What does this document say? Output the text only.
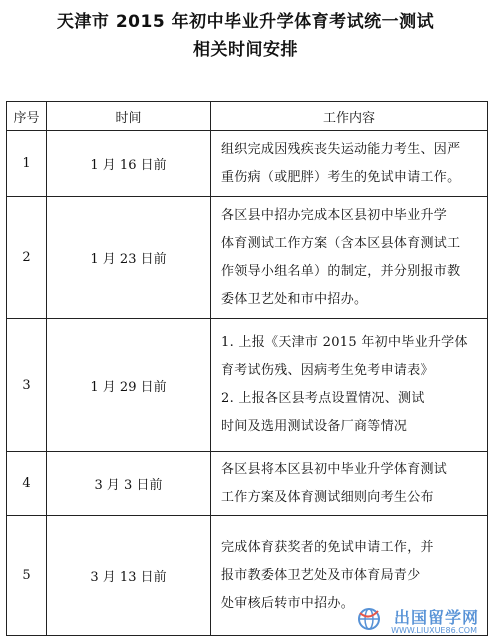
天津市 2015 年初中毕业升学体育考试统一测试
相关时间安排
序号	时间	工作内容
1	1 月 16 日前	组织完成因残疾丧失运动能力考生、因严
重伤病（或肥胖）考生的免试申请工作。

2	1 月 23 日前	各区县中招办完成本区县初中毕业升学
体育测试工作方案（含本区县体育测试工
作领导小组名单）的制定，并分别报市教
委体卫艺处和市中招办。

3	1 月 29 日前	1. 上报《天津市 2015 年初中毕业升学体
育考试伤残、因病考生免考申请表》
2. 上报各区县考点设置情况、测试
时间及选用测试设备厂商等情况

4	3 月 3 日前	各区县将本区县初中毕业升学体育测试
工作方案及体育测试细则向考生公布

5	3 月 13 日前	完成体育获奖者的免试申请工作，并
报市教委体卫艺处及市体育局青少
处审核后转市中招办。
出国留学网
WWW.LIUXUE86.COM
